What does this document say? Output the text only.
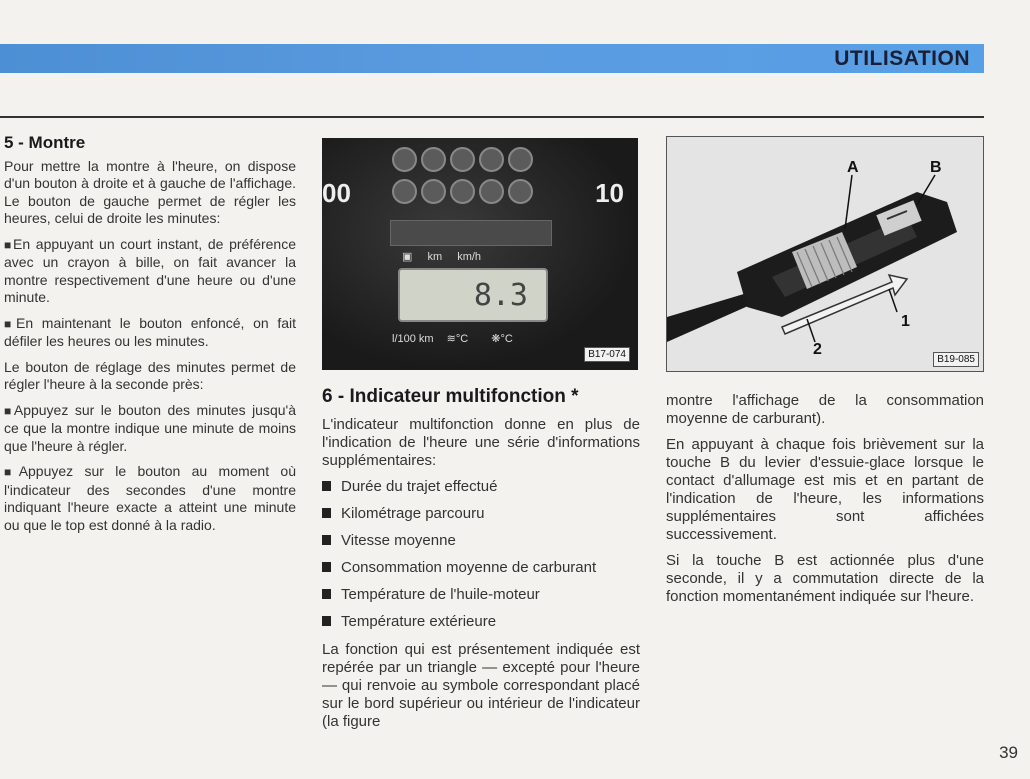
UTILISATION
5 - Montre

Pour mettre la montre à l'heure, on dispose d'un bouton à droite et à gauche de l'affichage. Le bouton de gauche permet de régler les heures, celui de droite les minutes:

■ En appuyant un court instant, de préférence avec un crayon à bille, on fait avancer la montre respectivement d'une heure ou d'une minute.

■ En maintenant le bouton enfoncé, on fait défiler les heures ou les minutes.

Le bouton de réglage des minutes permet de régler l'heure à la seconde près:

■ Appuyez sur le bouton des minutes jusqu'à ce que la montre indique une minute de moins que l'heure à régler.

■ Appuyez sur le bouton au moment où l'indicateur des secondes d'une montre indiquant l'heure exacte a atteint une minute ou que le top est donné à la radio.

00	10

▣ km km/h
8.3
l/100 km ≋°C ❋°C
B17-074
A	B
1
2
B19-085
6 - Indicateur multifonction *

L'indicateur multifonction donne en plus de l'indication de l'heure une série d'informations supplémentaires:

Durée du trajet effectué
Kilométrage parcouru
Vitesse moyenne
Consommation moyenne de carburant
Température de l'huile-moteur
Température extérieure

La fonction qui est présentement indiquée est repérée par un triangle — excepté pour l'heure — qui renvoie au symbole correspondant placé sur le bord supérieur ou intérieur de l'indicateur (la figure

montre l'affichage de la consommation moyenne de carburant).

En appuyant à chaque fois brièvement sur la touche B du levier d'essuie-glace lorsque le contact d'allumage est mis et en partant de l'indication de l'heure, les informations supplémentaires sont affichées successivement.

Si la touche B est actionnée plus d'une seconde, il y a commutation directe de la fonction momentanément indiquée sur l'heure.

39
